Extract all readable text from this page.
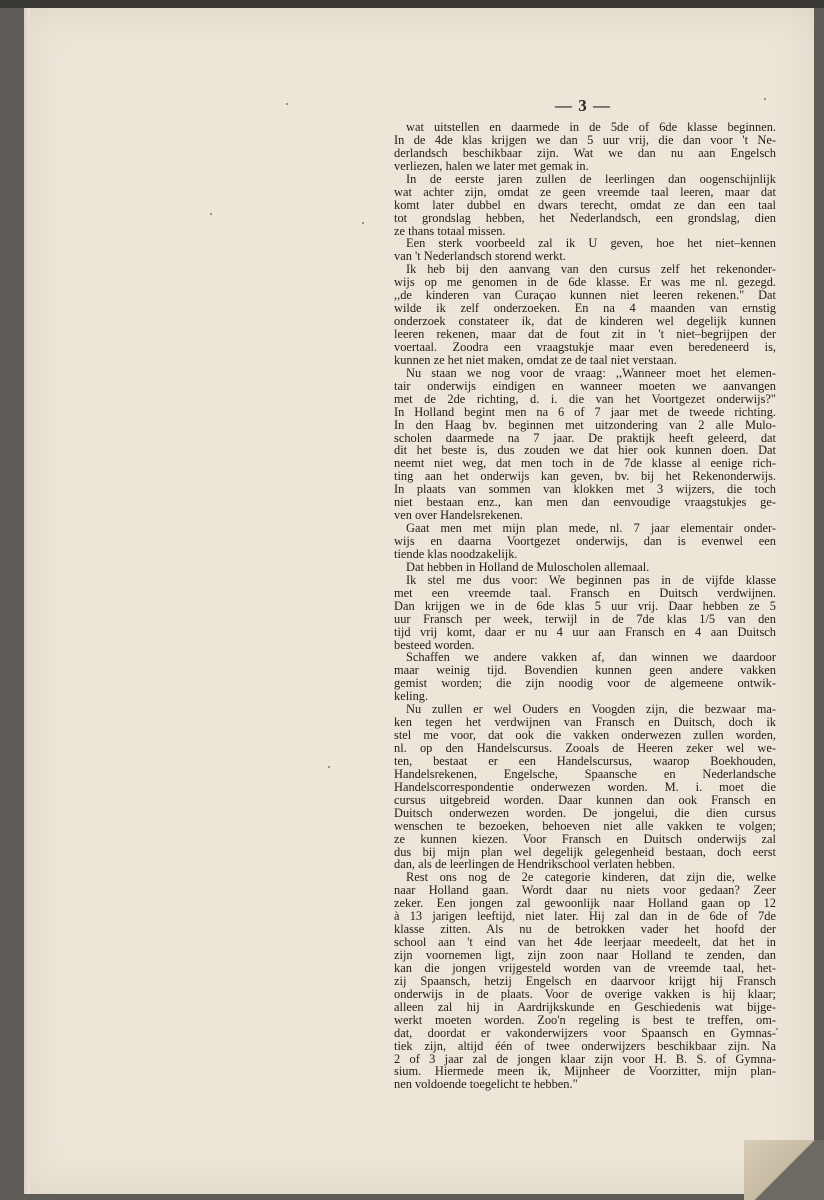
— 3 —
wat uitstellen en daarmede in de 5de of 6de klasse beginnen.
In de 4de klas krijgen we dan 5 uur vrij, die dan voor 't Ne-
derlandsch beschikbaar zijn. Wat we dan nu aan Engelsch
verliezen, halen we later met gemak in.
In de eerste jaren zullen de leerlingen dan oogenschijnlijk
wat achter zijn, omdat ze geen vreemde taal leeren, maar dat
komt later dubbel en dwars terecht, omdat ze dan een taal
tot grondslag hebben, het Nederlandsch, een grondslag, dien
ze thans totaal missen.
Een sterk voorbeeld zal ik U geven, hoe het niet–kennen
van 't Nederlandsch storend werkt.
Ik heb bij den aanvang van den cursus zelf het rekenonder-
wijs op me genomen in de 6de klasse. Er was me nl. gezegd.
,,de kinderen van Curaçao kunnen niet leeren rekenen." Dat
wilde ik zelf onderzoeken. En na 4 maanden van ernstig
onderzoek constateer ik, dat de kinderen wel degelijk kunnen
leeren rekenen, maar dat de fout zit in 't niet–begrijpen der
voertaal. Zoodra een vraagstukje maar even beredeneerd is,
kunnen ze het niet maken, omdat ze de taal niet verstaan.
Nu staan we nog voor de vraag: ,,Wanneer moet het elemen-
tair onderwijs eindigen en wanneer moeten we aanvangen
met de 2de richting, d. i. die van het Voortgezet onderwijs?"
In Holland begint men na 6 of 7 jaar met de tweede richting.
In den Haag bv. beginnen met uitzondering van 2 alle Mulo-
scholen daarmede na 7 jaar. De praktijk heeft geleerd, dat
dit het beste is, dus zouden we dat hier ook kunnen doen. Dat
neemt niet weg, dat men toch in de 7de klasse al eenige rich-
ting aan het onderwijs kan geven, bv. bij het Rekenonderwijs.
In plaats van sommen van klokken met 3 wijzers, die toch
niet bestaan enz., kan men dan eenvoudige vraagstukjes ge-
ven over Handelsrekenen.
Gaat men met mijn plan mede, nl. 7 jaar elementair onder-
wijs en daarna Voortgezet onderwijs, dan is evenwel een
tiende klas noodzakelijk.
Dat hebben in Holland de Muloscholen allemaal.
Ik stel me dus voor: We beginnen pas in de vijfde klasse
met een vreemde taal. Fransch en Duitsch verdwijnen.
Dan krijgen we in de 6de klas 5 uur vrij. Daar hebben ze 5
uur Fransch per week, terwijl in de 7de klas 1/5 van den
tijd vrij komt, daar er nu 4 uur aan Fransch en 4 aan Duitsch
besteed worden.
Schaffen we andere vakken af, dan winnen we daardoor
maar weinig tijd. Bovendien kunnen geen andere vakken
gemist worden; die zijn noodig voor de algemeene ontwik-
keling.
Nu zullen er wel Ouders en Voogden zijn, die bezwaar ma-
ken tegen het verdwijnen van Fransch en Duitsch, doch ik
stel me voor, dat ook die vakken onderwezen zullen worden,
nl. op den Handelscursus. Zooals de Heeren zeker wel we-
ten, bestaat er een Handelscursus, waarop Boekhouden,
Handelsrekenen, Engelsche, Spaansche en Nederlandsche
Handelscorrespondentie onderwezen worden. M. i. moet die
cursus uitgebreid worden. Daar kunnen dan ook Fransch en
Duitsch onderwezen worden. De jongelui, die dien cursus
wenschen te bezoeken, behoeven niet alle vakken te volgen;
ze kunnen kiezen. Voor Fransch en Duitsch onderwijs zal
dus bij mijn plan wel degelijk gelegenheid bestaan, doch eerst
dan, als de leerlingen de Hendrikschool verlaten hebben.
Rest ons nog de 2e categorie kinderen, dat zijn die, welke
naar Holland gaan. Wordt daar nu niets voor gedaan? Zeer
zeker. Een jongen zal gewoonlijk naar Holland gaan op 12
à 13 jarigen leeftijd, niet later. Hij zal dan in de 6de of 7de
klasse zitten. Als nu de betrokken vader het hoofd der
school aan 't eind van het 4de leerjaar meedeelt, dat het in
zijn voornemen ligt, zijn zoon naar Holland te zenden, dan
kan die jongen vrijgesteld worden van de vreemde taal, het-
zij Spaansch, hetzij Engelsch en daarvoor krijgt hij Fransch
onderwijs in de plaats. Voor de overige vakken is hij klaar;
alleen zal hij in Aardrijkskunde en Geschiedenis wat bijge-
werkt moeten worden. Zoo'n regeling is best te treffen, om-
dat, doordat er vakonderwijzers voor Spaansch en Gymnas-
tiek zijn, altijd één of twee onderwijzers beschikbaar zijn. Na
2 of 3 jaar zal de jongen klaar zijn voor H. B. S. of Gymna-
sium. Hiermede meen ik, Mijnheer de Voorzitter, mijn plan-
nen voldoende toegelicht te hebben."
